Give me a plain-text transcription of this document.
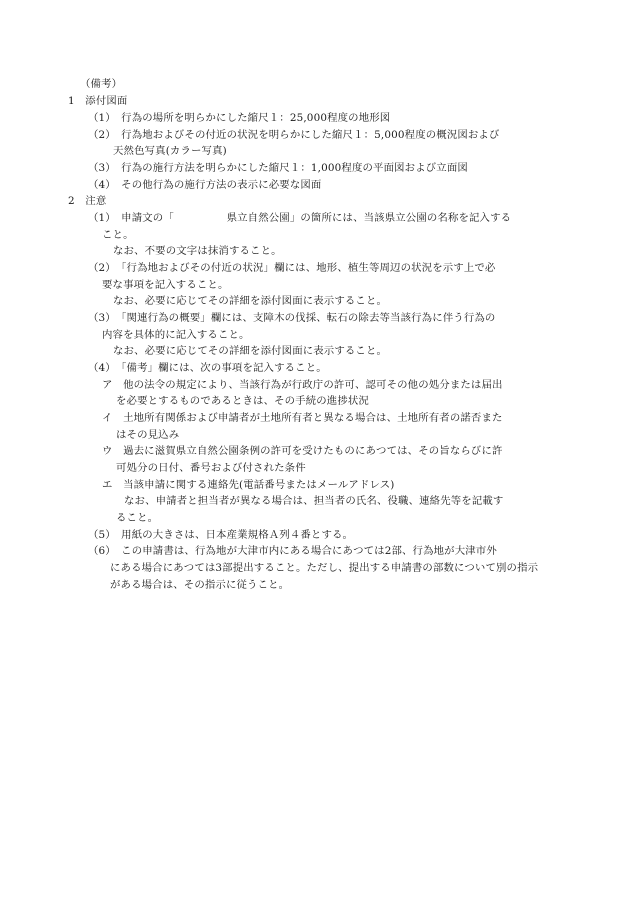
（備考）
1　添付図面
（1）　行為の場所を明らかにした縮尺１：25,000程度の地形図
（2）　行為地およびその付近の状況を明らかにした縮尺１：5,000程度の概況図および
天然色写真(カラー写真)
（3）　行為の施行方法を明らかにした縮尺１：1,000程度の平面図および立面図
（4）　その他行為の施行方法の表示に必要な図面
2　注意
（1）　申請文の「　　　　　県立自然公園」の箇所には、当該県立公園の名称を記入する
こと。
なお、不要の文字は抹消すること。
（2）　「行為地およびその付近の状況」欄には、地形、植生等周辺の状況を示す上で必
要な事項を記入すること。
なお、必要に応じてその詳細を添付図面に表示すること。
（3）　「関連行為の概要」欄には、支障木の伐採、転石の除去等当該行為に伴う行為の
内容を具体的に記入すること。
なお、必要に応じてその詳細を添付図面に表示すること。
（4）　「備考」欄には、次の事項を記入すること。
ア　他の法令の規定により、当該行為が行政庁の許可、認可その他の処分または届出
を必要とするものであるときは、その手続の進捗状況
イ　土地所有関係および申請者が土地所有者と異なる場合は、土地所有者の諾否また
はその見込み
ウ　過去に滋賀県立自然公園条例の許可を受けたものにあつては、その旨ならびに許
可処分の日付、番号および付された条件
エ　当該申請に関する連絡先(電話番号またはメールアドレス)
なお、申請者と担当者が異なる場合は、担当者の氏名、役職、連絡先等を記載す
ること。
（5）　用紙の大きさは、日本産業規格Ａ列４番とする。
（6）　この申請書は、行為地が大津市内にある場合にあつては2部、行為地が大津市外
にある場合にあつては3部提出すること。ただし、提出する申請書の部数について別の指示がある場合は、その指示に従うこと。
